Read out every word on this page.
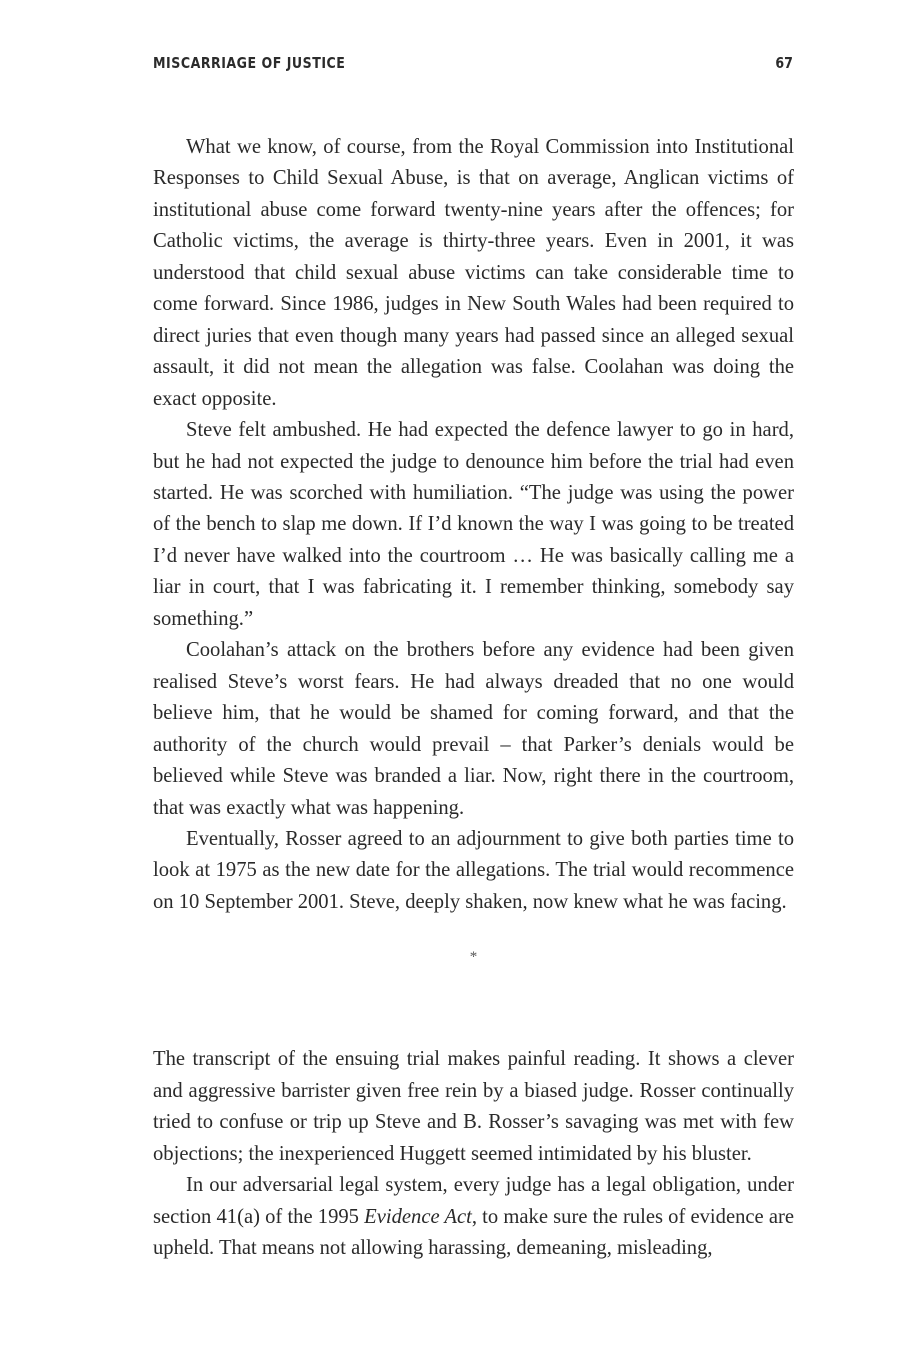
MISCARRIAGE OF JUSTICE	67

What we know, of course, from the Royal Commission into Institutional Responses to Child Sexual Abuse, is that on average, Anglican victims of institutional abuse come forward twenty-nine years after the offences; for Catholic victims, the average is thirty-three years. Even in 2001, it was understood that child sexual abuse victims can take considerable time to come forward. Since 1986, judges in New South Wales had been required to direct juries that even though many years had passed since an alleged sexual assault, it did not mean the allegation was false. Coolahan was doing the exact opposite.

Steve felt ambushed. He had expected the defence lawyer to go in hard, but he had not expected the judge to denounce him before the trial had even started. He was scorched with humiliation. “The judge was using the power of the bench to slap me down. If I’d known the way I was going to be treated I’d never have walked into the courtroom … He was basically calling me a liar in court, that I was fabricating it. I remember thinking, somebody say something.”

Coolahan’s attack on the brothers before any evidence had been given realised Steve’s worst fears. He had always dreaded that no one would believe him, that he would be shamed for coming forward, and that the authority of the church would prevail – that Parker’s denials would be believed while Steve was branded a liar. Now, right there in the courtroom, that was exactly what was happening.

Eventually, Rosser agreed to an adjournment to give both parties time to look at 1975 as the new date for the allegations. The trial would recommence on 10 September 2001. Steve, deeply shaken, now knew what he was facing.

*

The transcript of the ensuing trial makes painful reading. It shows a clever and aggressive barrister given free rein by a biased judge. Rosser continually tried to confuse or trip up Steve and B. Rosser’s savaging was met with few objections; the inexperienced Huggett seemed intimidated by his bluster.

In our adversarial legal system, every judge has a legal obligation, under section 41(a) of the 1995 Evidence Act, to make sure the rules of evidence are upheld. That means not allowing harassing, demeaning, misleading,
